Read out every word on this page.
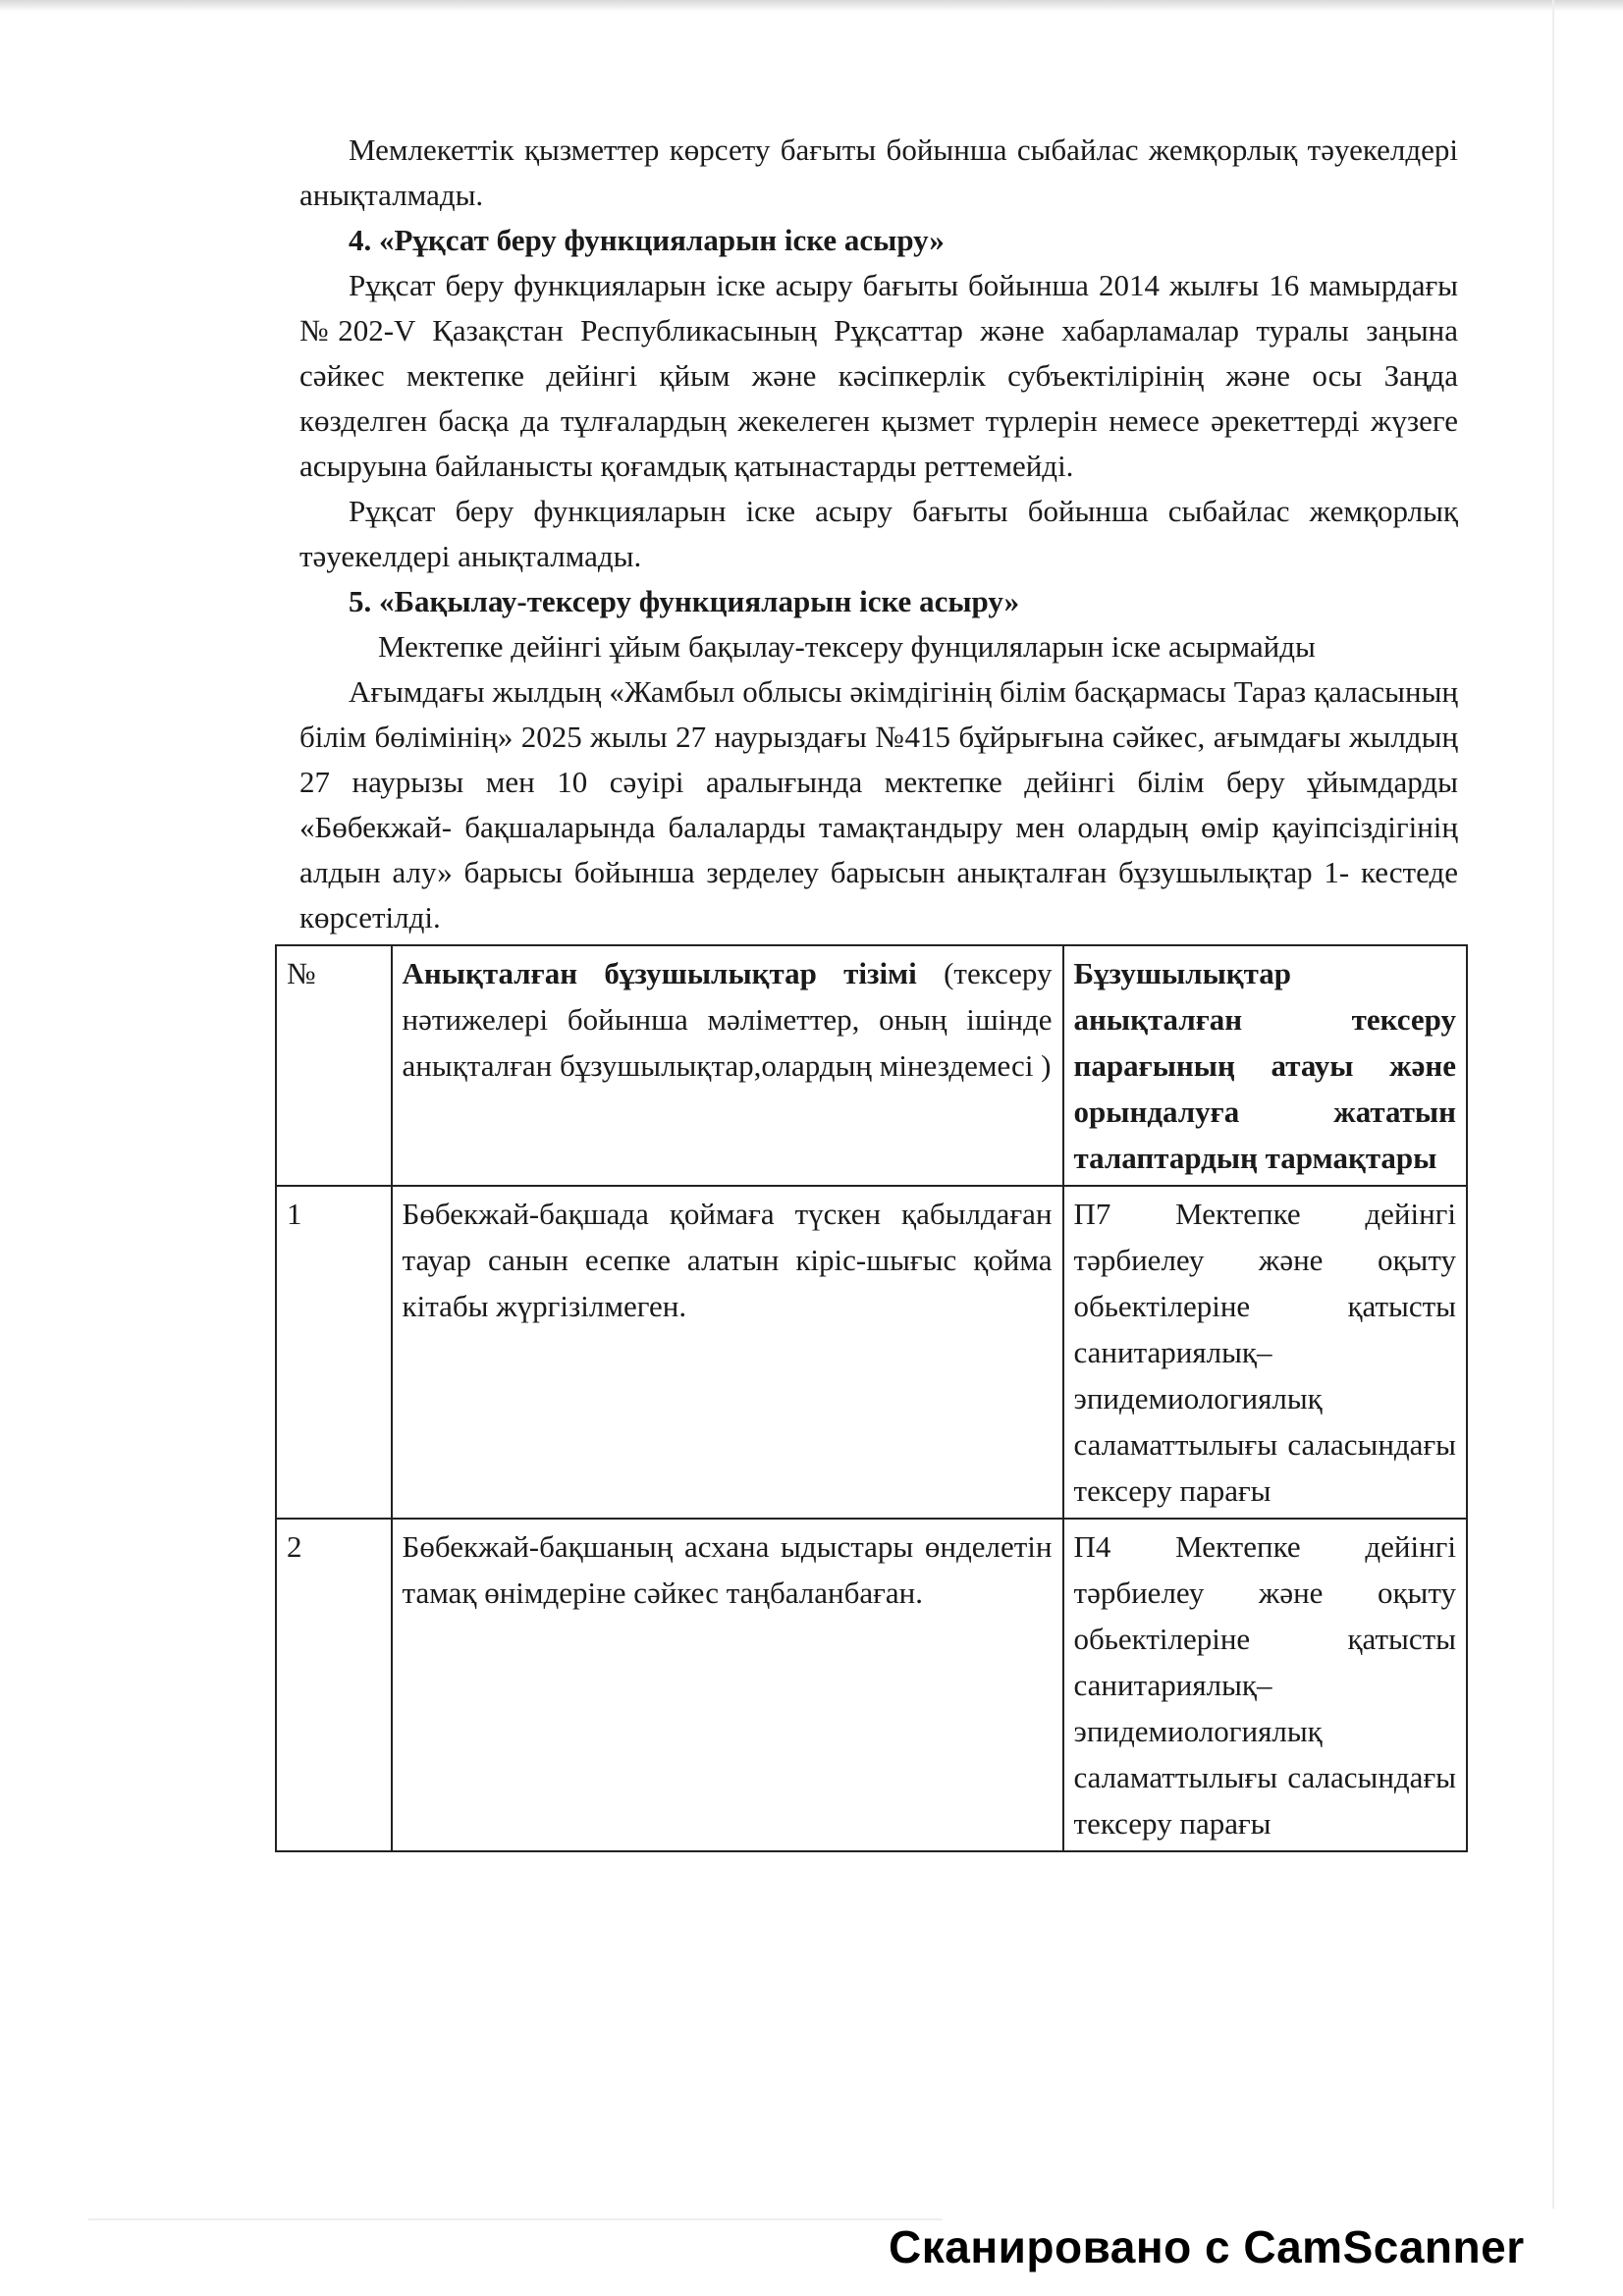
Мемлекеттік қызметтер көрсету бағыты бойынша сыбайлас жемқорлық тәуекелдері анықталмады.

4. «Рұқсат беру функцияларын іске асыру»

Рұқсат беру функцияларын іске асыру бағыты бойынша 2014 жылғы 16 мамырдағы №202-V Қазақстан Республикасының Рұқсаттар және хабарламалар туралы заңына сәйкес мектепке дейінгі қйым және кәсіпкерлік субъектілірінің және осы Заңда көзделген басқа да тұлғалардың жекелеген қызмет түрлерін немесе әрекеттерді жүзеге асыруына байланысты қоғамдық қатынастарды реттемейді.

Рұқсат беру функцияларын іске асыру бағыты бойынша сыбайлас жемқорлық тәуекелдері анықталмады.

5. «Бақылау-тексеру функцияларын іске асыру»

Мектепке дейінгі ұйым бақылау-тексеру фунциляларын іске асырмайды

Ағымдағы жылдың «Жамбыл облысы әкімдігінің білім басқармасы Тараз қаласының білім бөлімінің» 2025 жылы 27 наурыздағы №415 бұйрығына сәйкес, ағымдағы жылдың 27 наурызы мен 10 сәуірі аралығында мектепке дейінгі білім беру ұйымдарды «Бөбекжай- бақшаларында балаларды тамақтандыру мен олардың өмір қауіпсіздігінің алдын алу» барысы бойынша зерделеу барысын анықталған бұзушылықтар 1- кестеде көрсетілді.

№	Анықталған бұзушылықтар тізімі (тексеру нәтижелері бойынша мәліметтер, оның ішінде анықталған бұзушылықтар,олардың мінездемесі )	Бұзушылықтар анықталған тексеру парағының атауы және орындалуға жататын талаптардың тармақтары
1	Бөбекжай-бақшада қоймаға түскен қабылдаған тауар санын есепке алатын кіріс-шығыс қойма кітабы жүргізілмеген.	П7 Мектепке дейінгі тәрбиелеу және оқыту обьектілеріне қатысты санитариялық–эпидемиологиялық саламаттылығы саласындағы тексеру парағы
2	Бөбекжай-бақшаның асхана ыдыстары өнделетін тамақ өнімдеріне сәйкес таңбаланбаған.	П4 Мектепке дейінгі тәрбиелеу және оқыту обьектілеріне қатысты санитариялық–эпидемиологиялық саламаттылығы саласындағы тексеру парағы
Сканировано с CamScanner
